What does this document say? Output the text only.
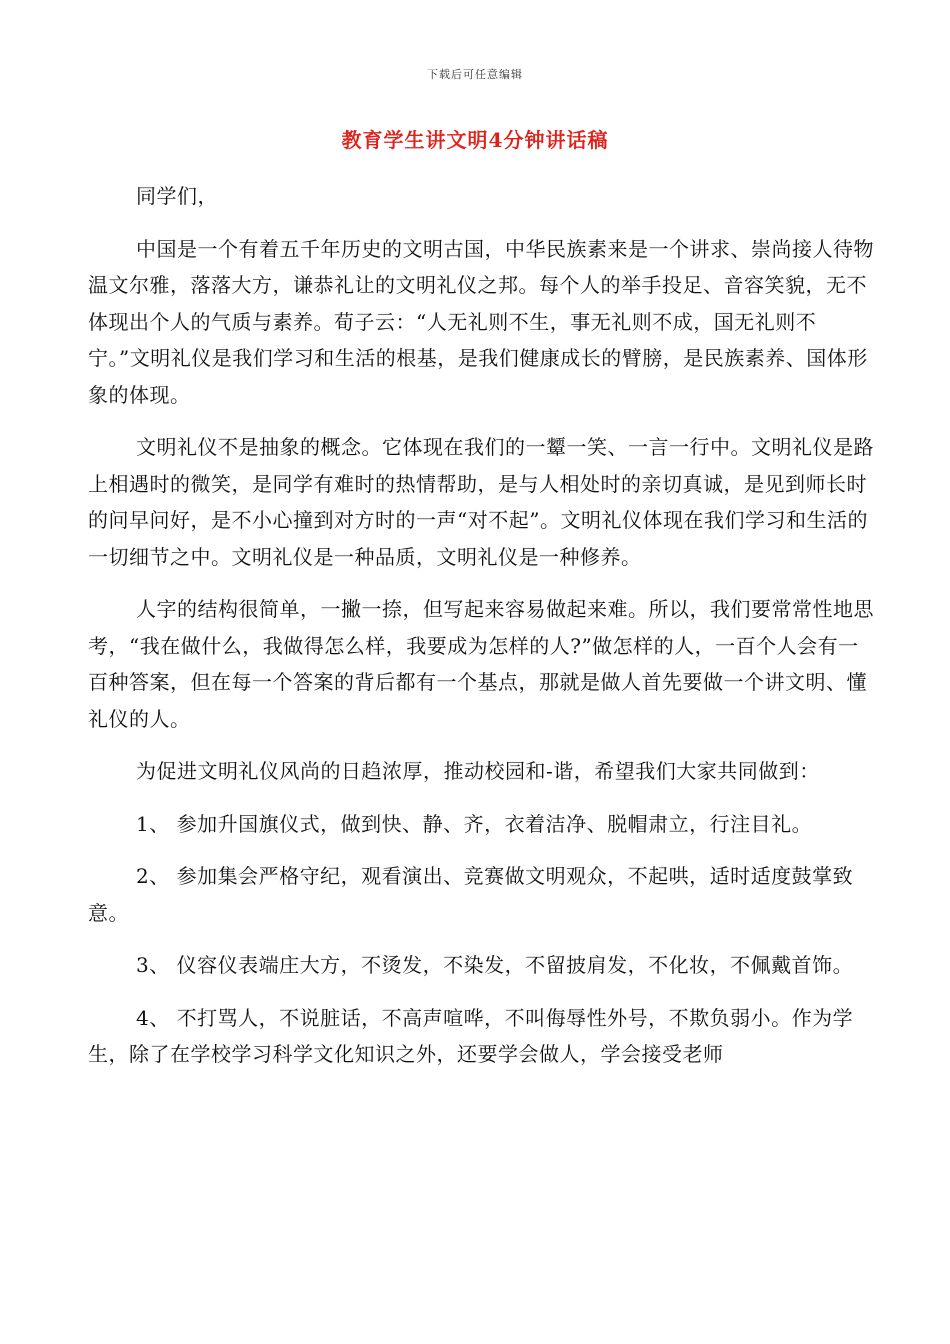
下载后可任意编辑
教育学生讲文明4分钟讲话稿

同学们，

中国是一个有着五千年历史的文明古国，中华民族素来是一个讲求、崇尚接人待物温文尔雅，落落大方，谦恭礼让的文明礼仪之邦。每个人的举手投足、音容笑貌，无不体现出个人的气质与素养。荀子云：“人无礼则不生，事无礼则不成，国无礼则不宁。”文明礼仪是我们学习和生活的根基，是我们健康成长的臂膀，是民族素养、国体形象的体现。

文明礼仪不是抽象的概念。它体现在我们的一颦一笑、一言一行中。文明礼仪是路上相遇时的微笑，是同学有难时的热情帮助，是与人相处时的亲切真诚，是见到师长时的问早问好，是不小心撞到对方时的一声“对不起”。文明礼仪体现在我们学习和生活的一切细节之中。文明礼仪是一种品质，文明礼仪是一种修养。

人字的结构很简单，一撇一捺，但写起来容易做起来难。所以，我们要常常性地思考，“我在做什么，我做得怎么样，我要成为怎样的人?”做怎样的人，一百个人会有一百种答案，但在每一个答案的背后都有一个基点，那就是做人首先要做一个讲文明、懂礼仪的人。

为促进文明礼仪风尚的日趋浓厚，推动校园和-谐，希望我们大家共同做到：

1、 参加升国旗仪式，做到快、静、齐，衣着洁净、脱帽肃立，行注目礼。

2、 参加集会严格守纪，观看演出、竞赛做文明观众，不起哄，适时适度鼓掌致意。

3、 仪容仪表端庄大方，不烫发，不染发，不留披肩发，不化妆，不佩戴首饰。

4、 不打骂人，不说脏话，不高声喧哗，不叫侮辱性外号，不欺负弱小。作为学生，除了在学校学习科学文化知识之外，还要学会做人，学会接受老师
